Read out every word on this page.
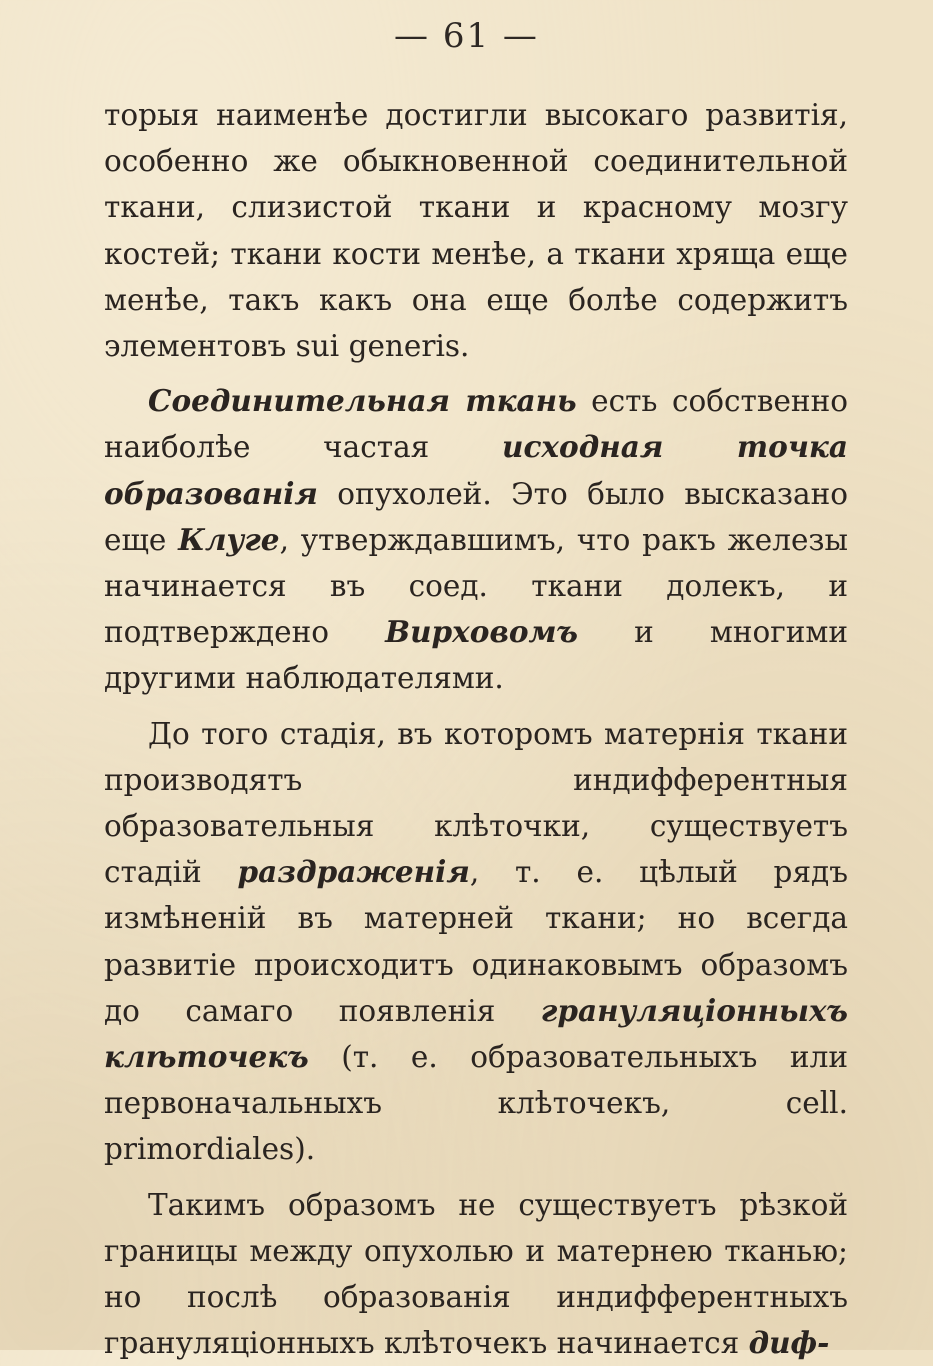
— 61 —

торыя наименѣе достигли высокаго развитія, особенно же обыкновенной соединительной ткани, слизистой ткани и красному мозгу костей; ткани кости менѣе, а ткани хряща еще менѣе, такъ какъ она еще болѣе содержитъ элементовъ sui generis.

Соединительная ткань есть собственно наиболѣе частая исходная точка образованія опухолей. Это было высказано еще Клуге, утверждавшимъ, что ракъ железы начинается въ соед. ткани долекъ, и подтверждено Вирховомъ и многими другими наблюдателями.

До того стадія, въ которомъ матернія ткани производятъ индифферентныя образовательныя клѣточки, существуетъ стадій раздраженія, т. е. цѣлый рядъ измѣненій въ матерней ткани; но всегда развитіе происходитъ одинаковымъ образомъ до самаго появленія грануляціонныхъ клѣточекъ (т. е. образовательныхъ или первоначальныхъ клѣточекъ, cell. primordiales).

Такимъ образомъ не существуетъ рѣзкой границы между опухолью и матернею тканью; но послѣ образованія индифферентныхъ грануляціонныхъ клѣточекъ начинается диф-
